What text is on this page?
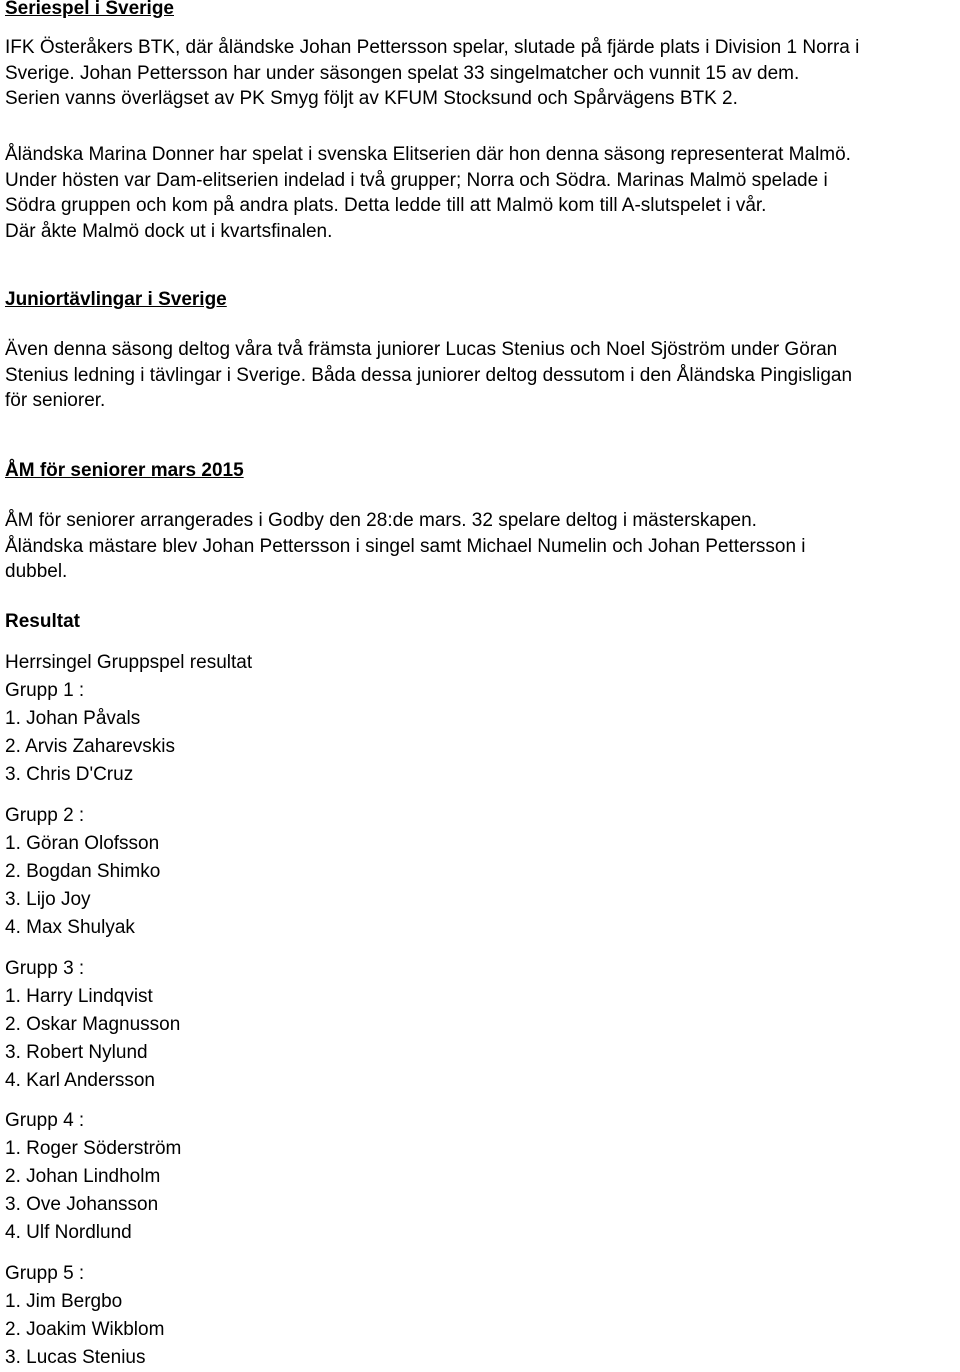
Seriespel i Sverige
IFK Österåkers BTK, där åländske Johan Pettersson spelar, slutade på fjärde plats i Division 1 Norra i
Sverige. Johan Pettersson har under säsongen spelat 33 singelmatcher och vunnit 15 av dem.
Serien vanns överlägset av PK Smyg följt av KFUM Stocksund och Spårvägens BTK 2.
Åländska Marina Donner har spelat i svenska Elitserien där hon denna säsong representerat Malmö.
Under hösten var Dam-elitserien indelad i två grupper; Norra och Södra. Marinas Malmö spelade i
Södra gruppen och kom på andra plats. Detta ledde till att Malmö kom till A-slutspelet i vår.
Där åkte Malmö dock ut i kvartsfinalen.
Juniortävlingar i Sverige
Även denna säsong deltog våra två främsta juniorer Lucas Stenius och Noel Sjöström under Göran
Stenius ledning i tävlingar i Sverige. Båda dessa juniorer deltog dessutom i den Åländska Pingisligan
för seniorer.
ÅM för seniorer mars 2015
ÅM för seniorer arrangerades i Godby den 28:de mars. 32 spelare deltog i mästerskapen.
Åländska mästare blev Johan Pettersson i singel samt Michael Numelin och Johan Pettersson i
dubbel.
Resultat
Herrsingel Gruppspel resultat
Grupp 1 :
1. Johan Påvals
2. Arvis Zaharevskis
3. Chris D'Cruz
Grupp 2 :
1. Göran Olofsson
2. Bogdan Shimko
3. Lijo Joy
4. Max Shulyak
Grupp 3 :
1. Harry Lindqvist
2. Oskar Magnusson
3. Robert Nylund
4. Karl Andersson
Grupp 4 :
1. Roger Söderström
2. Johan Lindholm
3. Ove Johansson
4. Ulf Nordlund
Grupp 5 :
1. Jim Bergbo
2. Joakim Wikblom
3. Lucas Stenius
